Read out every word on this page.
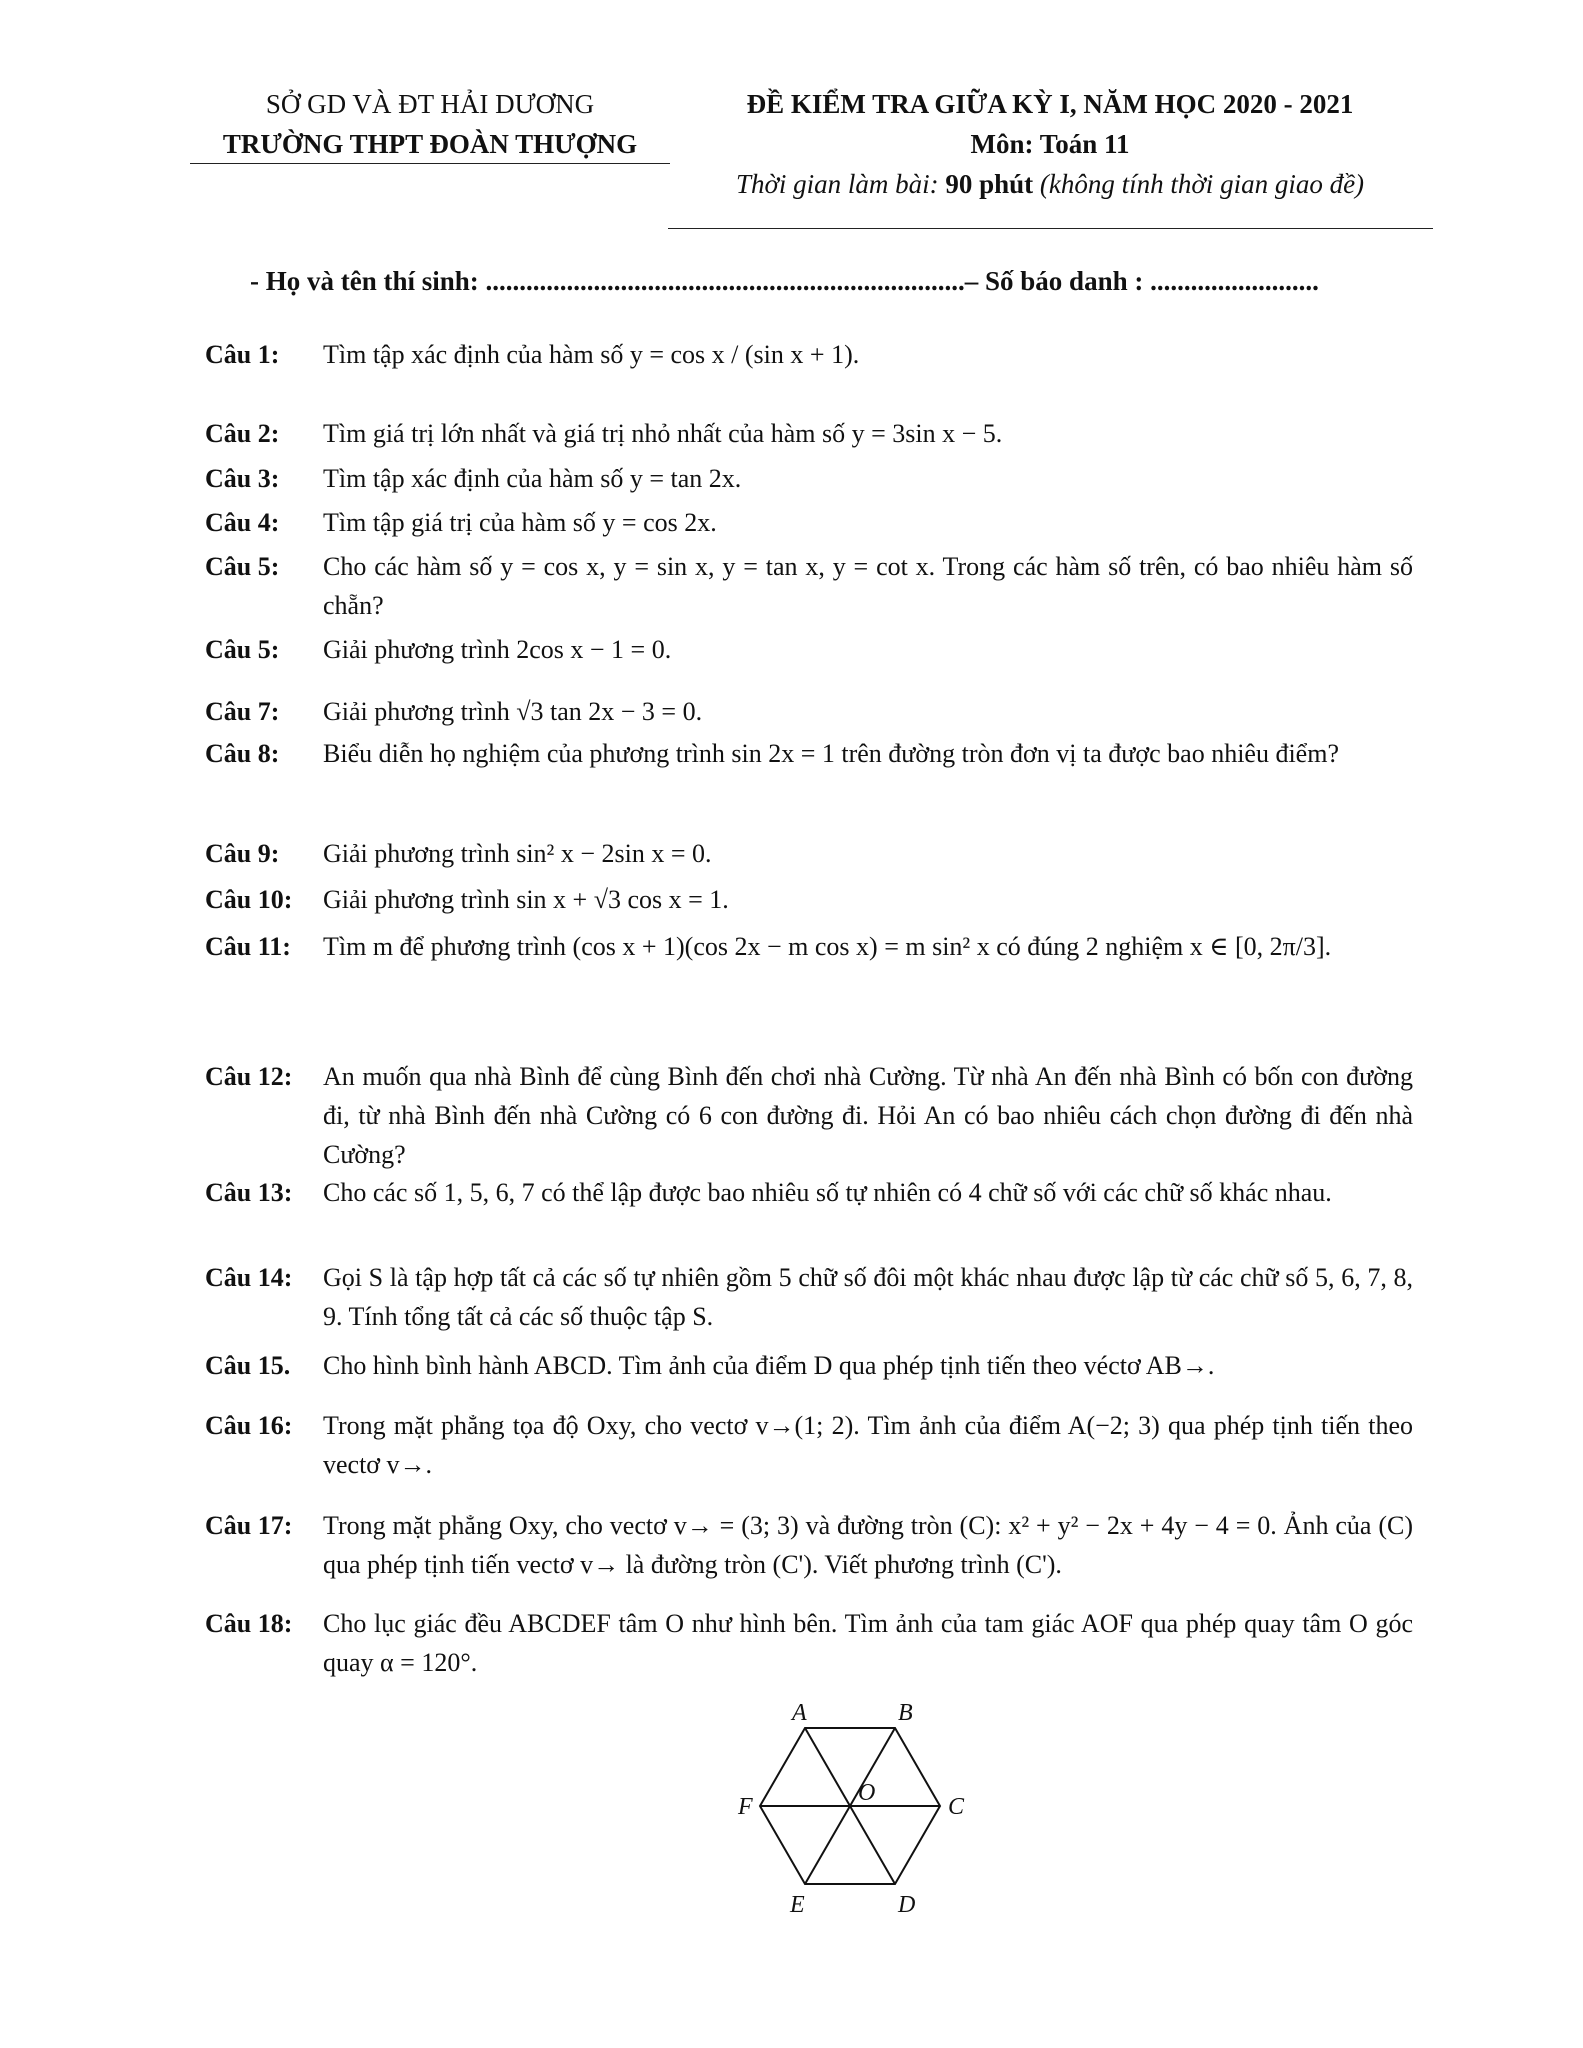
SỞ GD VÀ ĐT HẢI DƯƠNG
TRƯỜNG THPT ĐOÀN THƯỢNG
ĐỀ KIỂM TRA GIỮA KỲ I, NĂM HỌC 2020 - 2021
Môn: Toán 11
Thời gian làm bài: 90 phút (không tính thời gian giao đề)
- Họ và tên thí sinh: .......................................................................– Số báo danh : .........................
Câu 1: Tìm tập xác định của hàm số y = cos x / (sin x + 1).
Câu 2: Tìm giá trị lớn nhất và giá trị nhỏ nhất của hàm số y = 3sin x − 5.
Câu 3: Tìm tập xác định của hàm số y = tan 2x.
Câu 4: Tìm tập giá trị của hàm số y = cos 2x.
Câu 5: Cho các hàm số y = cos x, y = sin x, y = tan x, y = cot x. Trong các hàm số trên, có bao nhiêu hàm số chẵn?
Câu 5: Giải phương trình 2cos x − 1 = 0.
Câu 7: Giải phương trình √3 tan 2x − 3 = 0.
Câu 8: Biểu diễn họ nghiệm của phương trình sin 2x = 1 trên đường tròn đơn vị ta được bao nhiêu điểm?
Câu 9: Giải phương trình sin² x − 2sin x = 0.
Câu 10: Giải phương trình sin x + √3 cos x = 1.
Câu 11: Tìm m để phương trình (cos x + 1)(cos 2x − m cos x) = m sin² x có đúng 2 nghiệm x ∈ [0, 2π/3].
Câu 12: An muốn qua nhà Bình để cùng Bình đến chơi nhà Cường. Từ nhà An đến nhà Bình có bốn con đường đi, từ nhà Bình đến nhà Cường có 6 con đường đi. Hỏi An có bao nhiêu cách chọn đường đi đến nhà Cường?
Câu 13: Cho các số 1, 5, 6, 7 có thể lập được bao nhiêu số tự nhiên có 4 chữ số với các chữ số khác nhau.
Câu 14: Gọi S là tập hợp tất cả các số tự nhiên gồm 5 chữ số đôi một khác nhau được lập từ các chữ số 5, 6, 7, 8, 9. Tính tổng tất cả các số thuộc tập S.
Câu 15. Cho hình bình hành ABCD. Tìm ảnh của điểm D qua phép tịnh tiến theo véctơ AB→.
Câu 16: Trong mặt phẳng tọa độ Oxy, cho vectơ v→(1; 2). Tìm ảnh của điểm A(−2; 3) qua phép tịnh tiến theo vectơ v→.
Câu 17: Trong mặt phẳng Oxy, cho vectơ v→ = (3; 3) và đường tròn (C): x² + y² − 2x + 4y − 4 = 0. Ảnh của (C) qua phép tịnh tiến vectơ v→ là đường tròn (C'). Viết phương trình (C').
Câu 18: Cho lục giác đều ABCDEF tâm O như hình bên. Tìm ảnh của tam giác AOF qua phép quay tâm O góc quay α = 120°.
A	B
C
D
E
F
O
